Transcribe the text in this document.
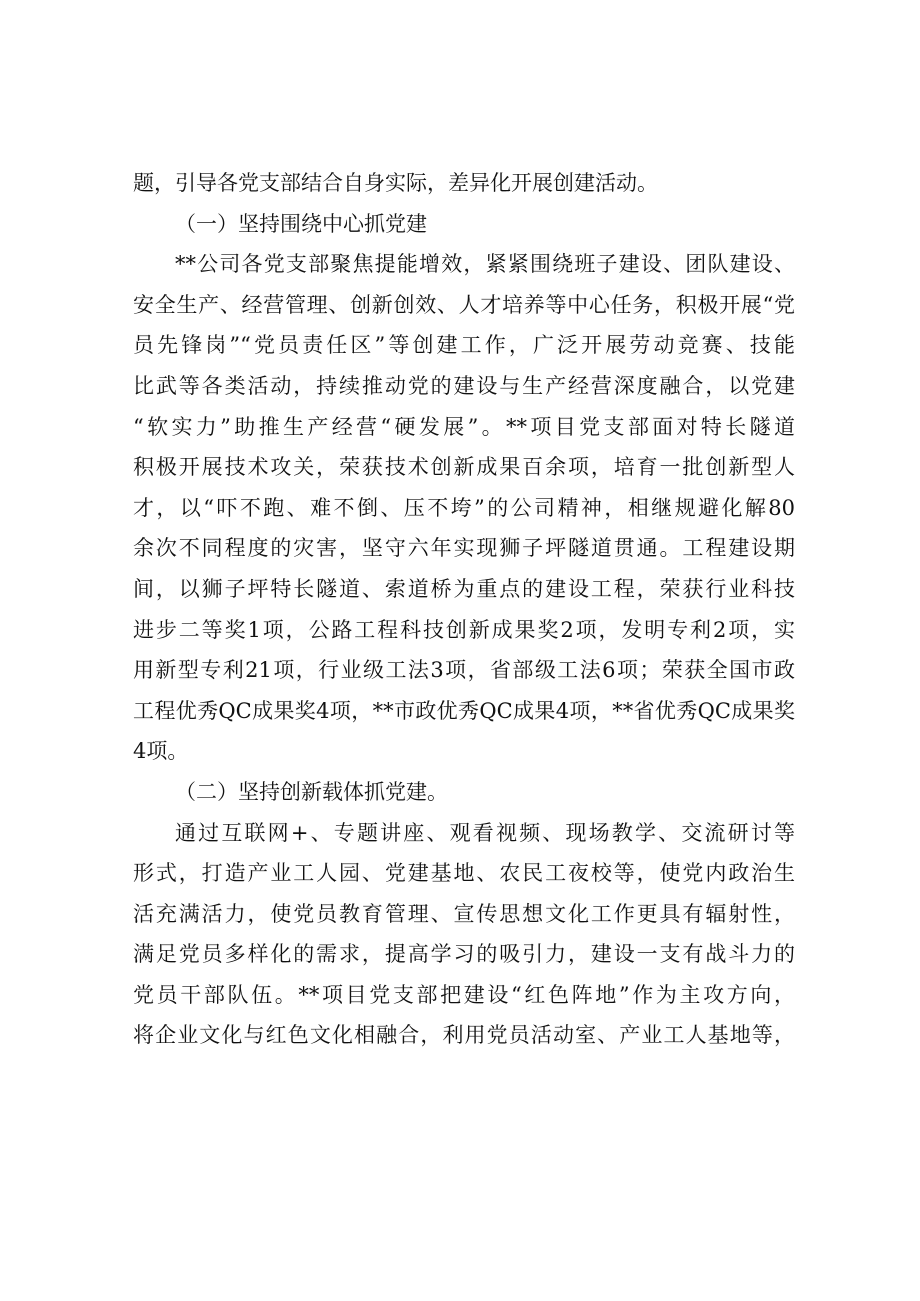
题，引导各党支部结合自身实际，差异化开展创建活动。
（一）坚持围绕中心抓党建
**公司各党支部聚焦提能增效，紧紧围绕班子建设、团队建设、
安全生产、经营管理、创新创效、人才培养等中心任务，积极开展“党
员先锋岗”“党员责任区”等创建工作，广泛开展劳动竞赛、技能
比武等各类活动，持续推动党的建设与生产经营深度融合，以党建
“软实力”助推生产经营“硬发展”。**项目党支部面对特长隧道
积极开展技术攻关，荣获技术创新成果百余项，培育一批创新型人
才，以“吓不跑、难不倒、压不垮”的公司精神，相继规避化解80
余次不同程度的灾害，坚守六年实现狮子坪隧道贯通。工程建设期
间，以狮子坪特长隧道、索道桥为重点的建设工程，荣获行业科技
进步二等奖1项，公路工程科技创新成果奖2项，发明专利2项，实
用新型专利21项，行业级工法3项，省部级工法6项；荣获全国市政
工程优秀QC成果奖4项，**市政优秀QC成果4项，**省优秀QC成果奖
4项。
（二）坚持创新载体抓党建。
通过互联网+、专题讲座、观看视频、现场教学、交流研讨等
形式，打造产业工人园、党建基地、农民工夜校等，使党内政治生
活充满活力，使党员教育管理、宣传思想文化工作更具有辐射性，
满足党员多样化的需求，提高学习的吸引力，建设一支有战斗力的
党员干部队伍。**项目党支部把建设“红色阵地”作为主攻方向，
将企业文化与红色文化相融合，利用党员活动室、产业工人基地等，
